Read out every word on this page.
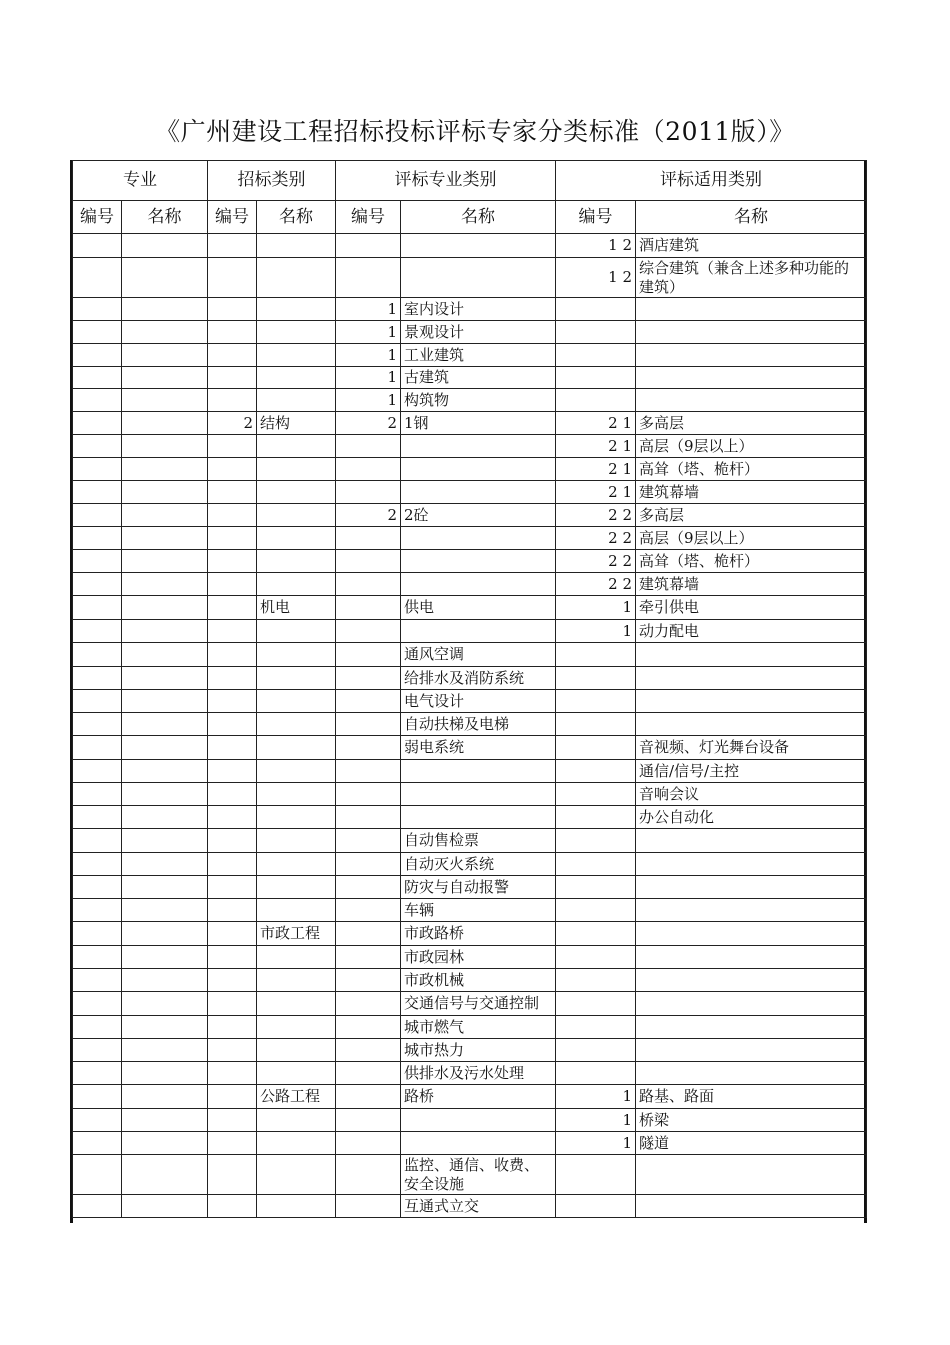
《广州建设工程招标投标评标专家分类标准（2011版）》
专业		招标类别		评标专业类别		评标适用类别	
编号	名称	编号	名称	编号	名称	编号	名称
						1 2	酒店建筑
						1 2	综合建筑（兼含上述多种功能的建筑）
				1	室内设计		
				1	景观设计		
				1	工业建筑		
				1	古建筑		
				1	构筑物		
		2	结构	2	1钢	2 1	多高层
						2 1	高层（9层以上）
						2 1	高耸（塔、桅杆）
						2 1	建筑幕墙
				2	2砼	2 2	多高层
						2 2	高层（9层以上）
						2 2	高耸（塔、桅杆）
						2 2	建筑幕墙
			机电		供电	1	牵引供电
						1	动力配电
					通风空调		
					给排水及消防系统		
					电气设计		
					自动扶梯及电梯		
					弱电系统		音视频、灯光舞台设备
							通信/信号/主控
							音响会议
							办公自动化
					自动售检票		
					自动灭火系统		
					防灾与自动报警		
					车辆		
			市政工程		市政路桥		
					市政园林		
					市政机械		
					交通信号与交通控制		
					城市燃气		
					城市热力		
					供排水及污水处理		
			公路工程		路桥	1	路基、路面
						1	桥梁
						1	隧道
					监控、通信、收费、安全设施		
					互通式立交		
